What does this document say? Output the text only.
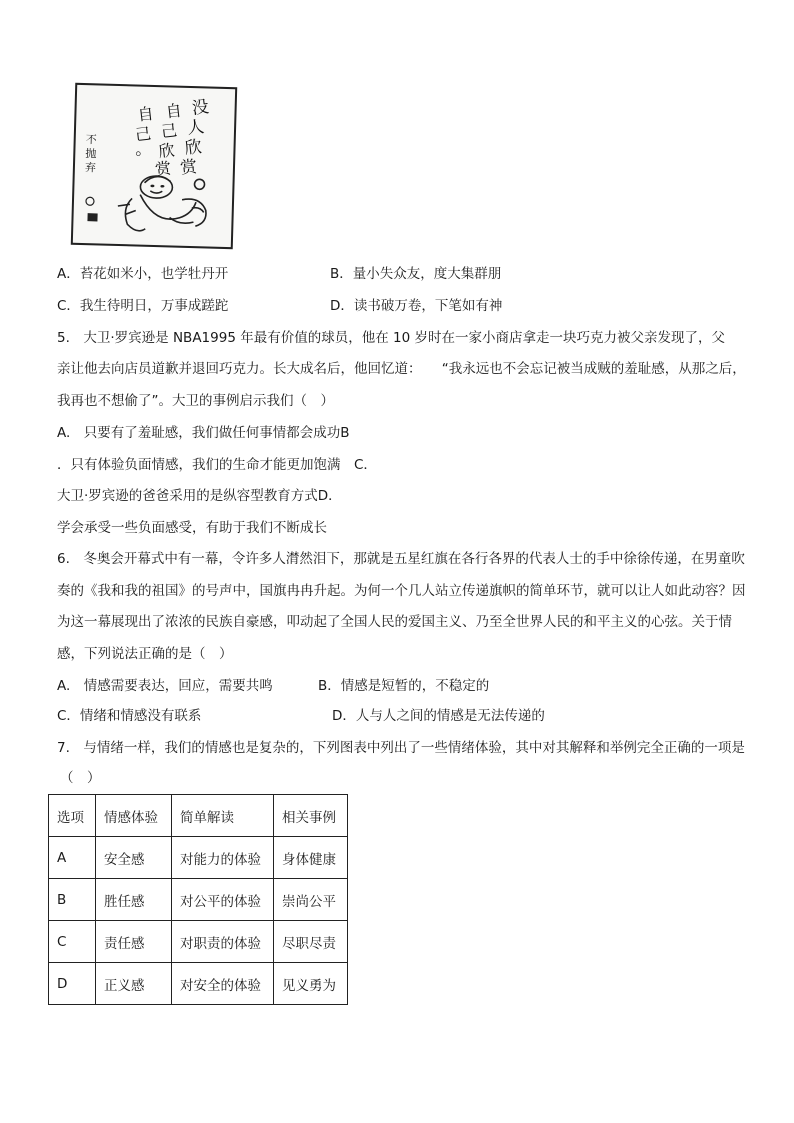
没
人
欣
赏
自
己
欣
赏
自
己
。
不
抛
弃
A．苔花如米小，也学牡丹开	B．量小失众友，度大集群朋
C．我生待明日，万事成蹉跎	D．读书破万卷，下笔如有神
5.　大卫·罗宾逊是 NBA1995 年最有价值的球员，他在 10 岁时在一家小商店拿走一块巧克力被父亲发现了，父
亲让他去向店员道歉并退回巧克力。长大成名后，他回忆道：　　“我永远也不会忘记被当成贼的羞耻感，从那之后，
我再也不想偷了”。大卫的事例启示我们（　）
A.　只要有了羞耻感，我们做任何事情都会成功B
．只有体验负面情感，我们的生命才能更加饱满　C．
大卫·罗宾逊的爸爸采用的是纵容型教育方式D．
学会承受一些负面感受，有助于我们不断成长
6.　冬奥会开幕式中有一幕，令许多人潸然泪下，那就是五星红旗在各行各界的代表人士的手中徐徐传递，在男童吹
奏的《我和我的祖国》的号声中，国旗冉冉升起。为何一个几人站立传递旗帜的简单环节，就可以让人如此动容？因
为这一幕展现出了浓浓的民族自豪感，叩动起了全国人民的爱国主义、乃至全世界人民的和平主义的心弦。关于情
感，下列说法正确的是（　）
A.　情感需要表达，回应，需要共鸣	B．情感是短暂的，不稳定的
C．情绪和情感没有联系	D．人与人之间的情感是无法传递的
7.　与情绪一样，我们的情感也是复杂的，下列图表中列出了一些情绪体验，其中对其解释和举例完全正确的一项是
（　）
选项	情感体验	简单解读	相关事例
A	安全感	对能力的体验	身体健康
B	胜任感	对公平的体验	崇尚公平
C	责任感	对职责的体验	尽职尽责
D	正义感	对安全的体验	见义勇为
